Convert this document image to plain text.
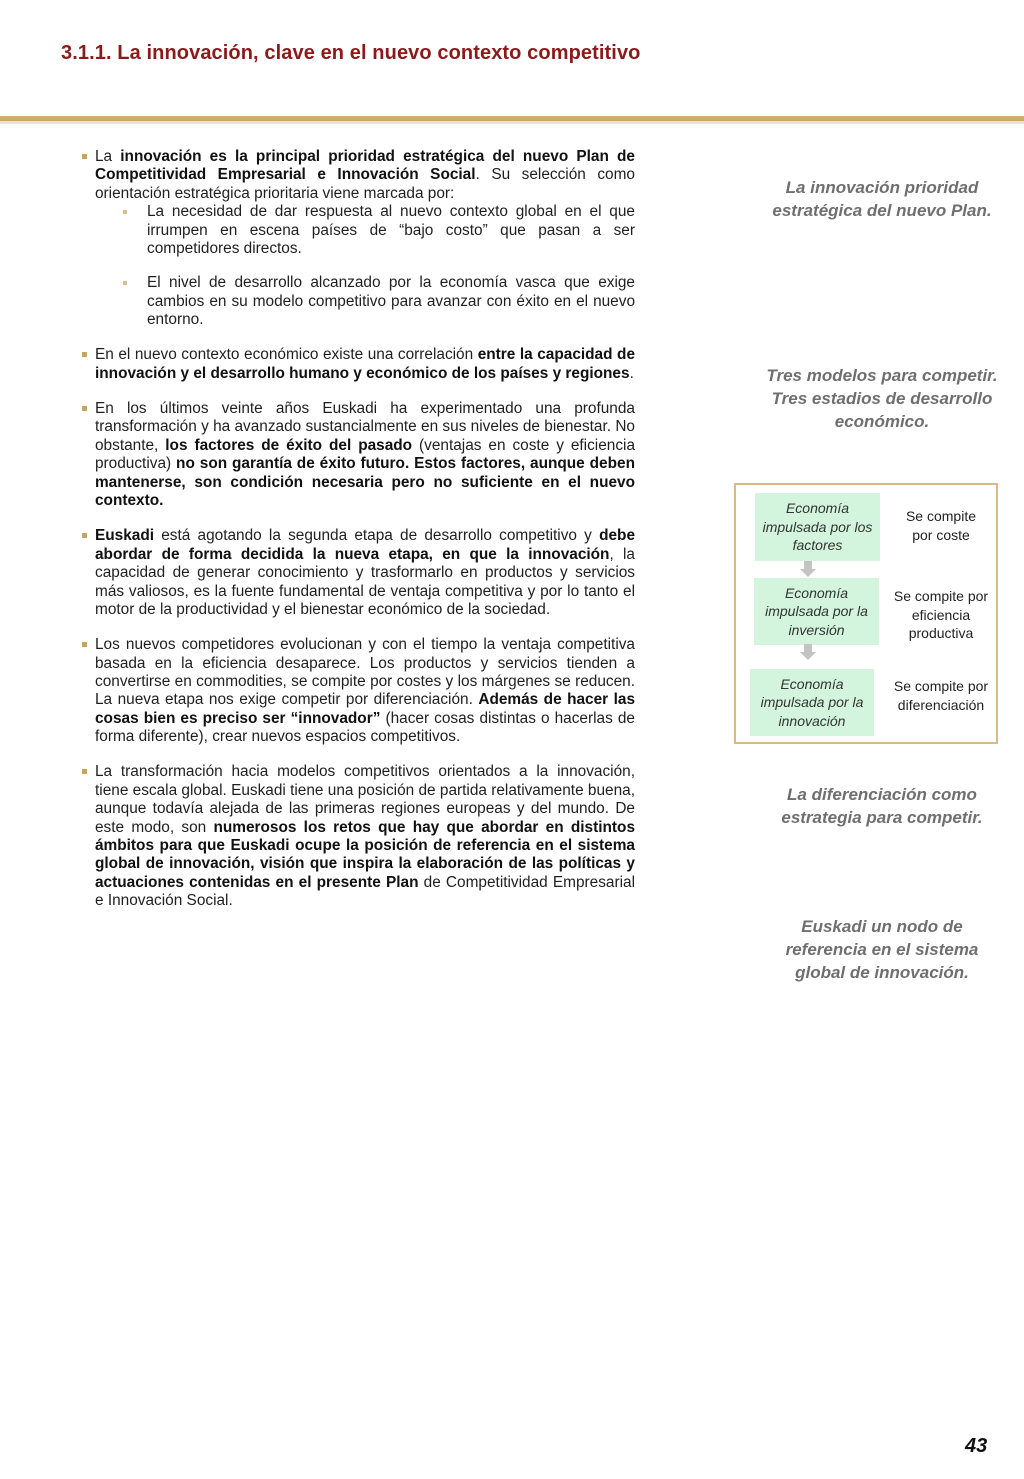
3.1.1. La innovación, clave en el nuevo contexto competitivo
La innovación es la principal prioridad estratégica del nuevo Plan de Competitividad Empresarial e Innovación Social. Su selección como orientación estratégica prioritaria viene marcada por:
La necesidad de dar respuesta al nuevo contexto global en el que irrumpen en escena países de “bajo costo” que pasan a ser competidores directos.
El nivel de desarrollo alcanzado por la economía vasca que exige cambios en su modelo competitivo para avanzar con éxito en el nuevo entorno.
En el nuevo contexto económico existe una correlación entre la capacidad de innovación y el desarrollo humano y económico de los países y regiones.
En los últimos veinte años Euskadi ha experimentado una profunda transformación y ha avanzado sustancialmente en sus niveles de bienestar. No obstante, los factores de éxito del pasado (ventajas en coste y eficiencia productiva) no son garantía de éxito futuro. Estos factores, aunque deben mantenerse, son condición necesaria pero no suficiente en el nuevo contexto.
Euskadi está agotando la segunda etapa de desarrollo competitivo y debe abordar de forma decidida la nueva etapa, en que la innovación, la capacidad de generar conocimiento y trasformarlo en productos y servicios más valiosos, es la fuente fundamental de ventaja competitiva y por lo tanto el motor de la productividad y el bienestar económico de la sociedad.
Los nuevos competidores evolucionan y con el tiempo la ventaja competitiva basada en la eficiencia desaparece. Los productos y servicios tienden a convertirse en commodities, se compite por costes y los márgenes se reducen. La nueva etapa nos exige competir por diferenciación. Además de hacer las cosas bien es preciso ser “innovador” (hacer cosas distintas o hacerlas de forma diferente), crear nuevos espacios competitivos.
La transformación hacia modelos competitivos orientados a la innovación, tiene escala global. Euskadi tiene una posición de partida relativamente buena, aunque todavía alejada de las primeras regiones europeas y del mundo. De este modo, son numerosos los retos que hay que abordar en distintos ámbitos para que Euskadi ocupe la posición de referencia en el sistema global de innovación, visión que inspira la elaboración de las políticas y actuaciones contenidas en el presente Plan de Competitividad Empresarial e Innovación Social.

La innovación prioridad estratégica del nuevo Plan.

Tres modelos para competir. Tres estadios de desarrollo económico.

Economía impulsada por los factores
Economía impulsada por la inversión
Economía impulsada por la innovación
Se compite por coste
Se compite por eficiencia productiva
Se compite por diferenciación

La diferenciación como estrategia para competir.

Euskadi un nodo de referencia en el sistema global de innovación.

43
